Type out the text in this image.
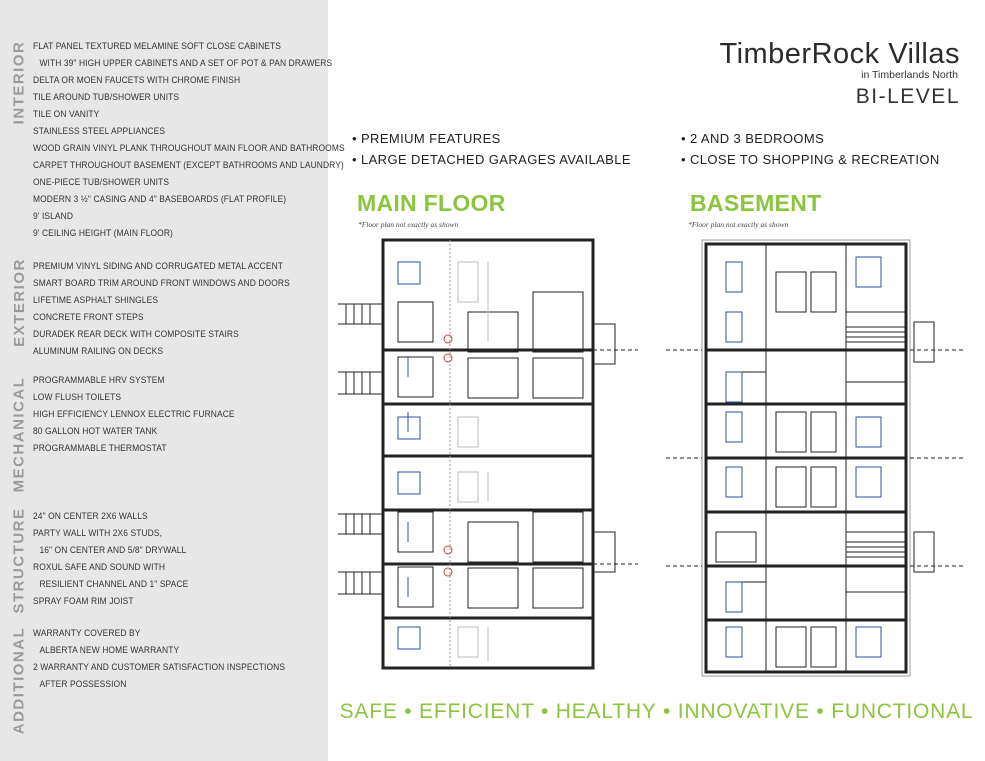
INTERIOR FLAT PANEL TEXTURED MELAMINE SOFT CLOSE CABINETS
WITH 39" HIGH UPPER CABINETS AND A SET OF POT & PAN DRAWERS
DELTA OR MOEN FAUCETS WITH CHROME FINISH
TILE AROUND TUB/SHOWER UNITS
TILE ON VANITY
STAINLESS STEEL APPLIANCES
WOOD GRAIN VINYL PLANK THROUGHOUT MAIN FLOOR AND BATHROOMS
CARPET THROUGHOUT BASEMENT (EXCEPT BATHROOMS AND LAUNDRY)
ONE-PIECE TUB/SHOWER UNITS
MODERN 3 ½" CASING AND 4" BASEBOARDS (FLAT PROFILE)
9' ISLAND
9' CEILING HEIGHT (MAIN FLOOR)
EXTERIOR PREMIUM VINYL SIDING AND CORRUGATED METAL ACCENT
SMART BOARD TRIM AROUND FRONT WINDOWS AND DOORS
LIFETIME ASPHALT SHINGLES
CONCRETE FRONT STEPS
DURADEK REAR DECK WITH COMPOSITE STAIRS
ALUMINUM RAILING ON DECKS
MECHANICAL PROGRAMMABLE HRV SYSTEM
LOW FLUSH TOILETS
HIGH EFFICIENCY LENNOX ELECTRIC FURNACE
80 GALLON HOT WATER TANK
PROGRAMMABLE THERMOSTAT
STRUCTURE 24" ON CENTER 2X6 WALLS
PARTY WALL WITH 2X6 STUDS,
16" ON CENTER AND 5/8" DRYWALL
ROXUL SAFE AND SOUND WITH
RESILIENT CHANNEL AND 1" SPACE
SPRAY FOAM RIM JOIST
ADDITIONAL WARRANTY COVERED BY
ALBERTA NEW HOME WARRANTY
2 WARRANTY AND CUSTOMER SATISFACTION INSPECTIONS
AFTER POSSESSION
TimberRock Villas
in Timberlands North
BI-LEVEL
• PREMIUM FEATURES
• LARGE DETACHED GARAGES AVAILABLE
• 2 AND 3 BEDROOMS
• CLOSE TO SHOPPING & RECREATION
MAIN FLOOR
*Floor plan not exactly as shown
BASEMENT
*Floor plan not exactly as shown
SAFE • EFFICIENT • HEALTHY • INNOVATIVE • FUNCTIONAL
